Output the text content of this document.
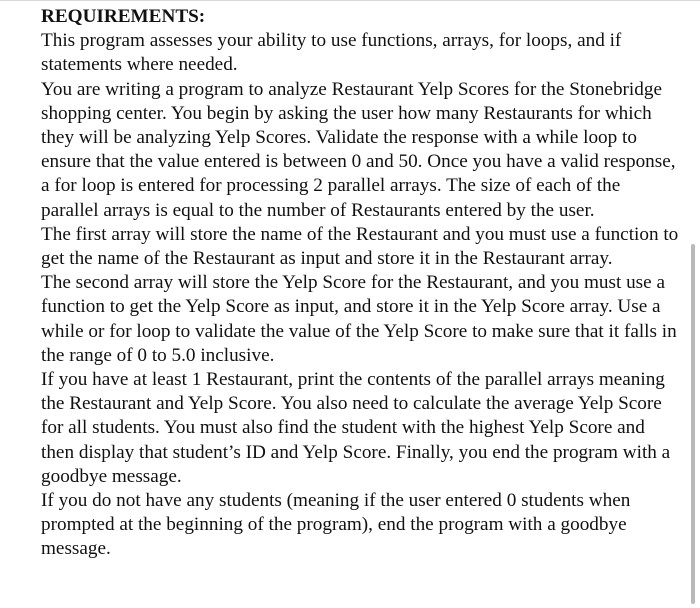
REQUIREMENTS:

This program assesses your ability to use functions, arrays, for loops, and if statements where needed.

You are writing a program to analyze Restaurant Yelp Scores for the Stonebridge shopping center. You begin by asking the user how many Restaurants for which they will be analyzing Yelp Scores. Validate the response with a while loop to ensure that the value entered is between 0 and 50. Once you have a valid response, a for loop is entered for processing 2 parallel arrays. The size of each of the parallel arrays is equal to the number of Restaurants entered by the user.

The first array will store the name of the Restaurant and you must use a function to get the name of the Restaurant as input and store it in the Restaurant array.

The second array will store the Yelp Score for the Restaurant, and you must use a function to get the Yelp Score as input, and store it in the Yelp Score array. Use a while or for loop to validate the value of the Yelp Score to make sure that it falls in the range of 0 to 5.0 inclusive.

If you have at least 1 Restaurant, print the contents of the parallel arrays meaning the Restaurant and Yelp Score. You also need to calculate the average Yelp Score for all students. You must also find the student with the highest Yelp Score and then display that student’s ID and Yelp Score. Finally, you end the program with a goodbye message.

If you do not have any students (meaning if the user entered 0 students when prompted at the beginning of the program), end the program with a goodbye message.
